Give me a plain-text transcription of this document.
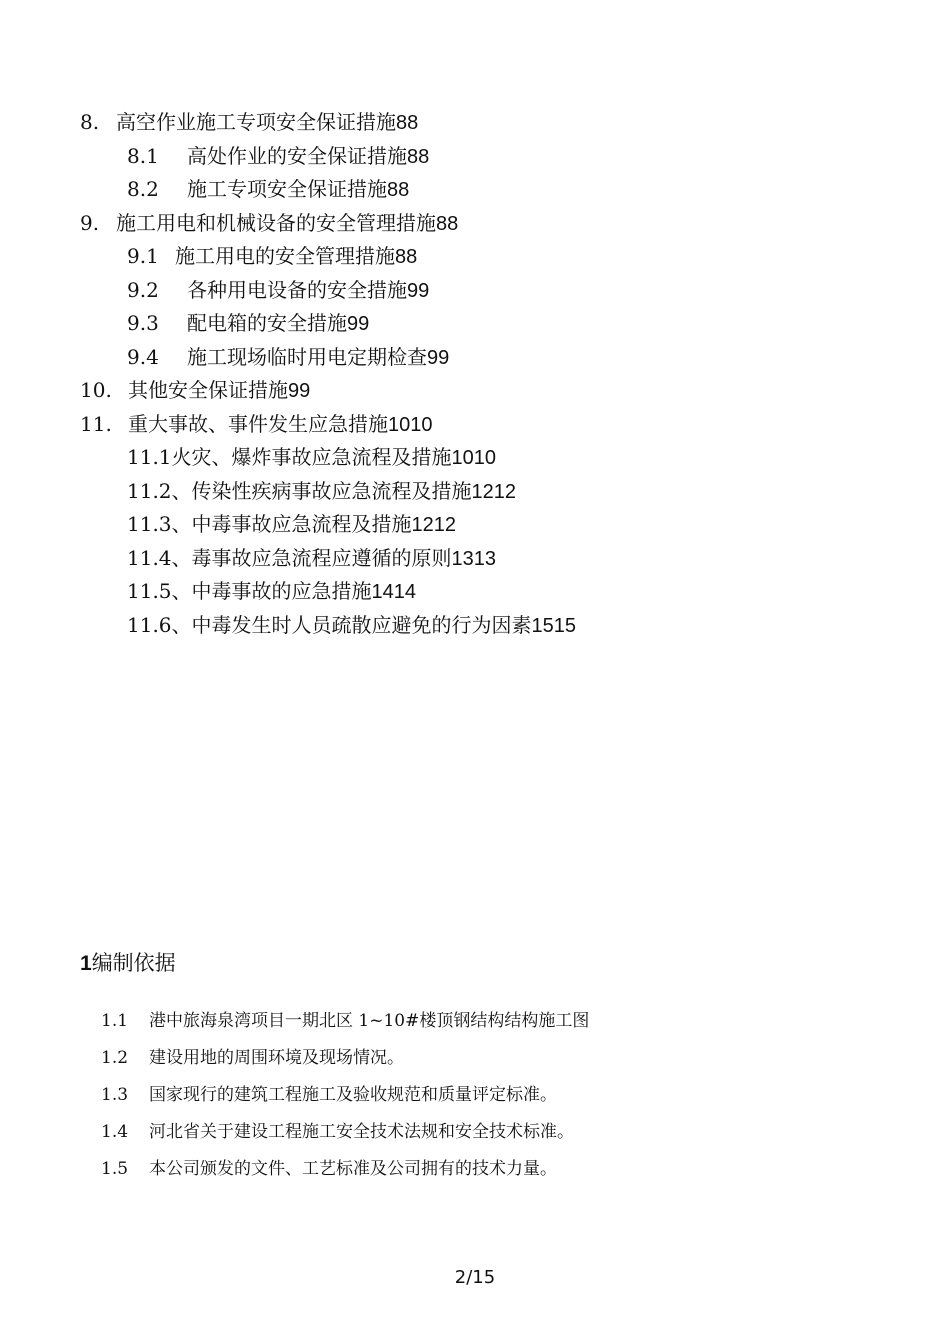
8. 高空作业施工专项安全保证措施88
8.1 高处作业的安全保证措施88
8.2 施工专项安全保证措施88
9. 施工用电和机械设备的安全管理措施88
9.1 施工用电的安全管理措施88
9.2 各种用电设备的安全措施99
9.3 配电箱的安全措施99
9.4 施工现场临时用电定期检查99
10. 其他安全保证措施99
11. 重大事故、事件发生应急措施1010
11.1火灾、爆炸事故应急流程及措施1010
11.2、传染性疾病事故应急流程及措施1212
11.3、中毒事故应急流程及措施1212
11.4、毒事故应急流程应遵循的原则1313
11.5、中毒事故的应急措施1414
11.6、中毒发生时人员疏散应避免的行为因素1515
1编制依据
1.1 港中旅海泉湾项目一期北区 1~10#楼顶钢结构结构施工图
1.2 建设用地的周围环境及现场情况。
1.3 国家现行的建筑工程施工及验收规范和质量评定标准。
1.4 河北省关于建设工程施工安全技术法规和安全技术标准。
1.5 本公司颁发的文件、工艺标准及公司拥有的技术力量。
2/15
